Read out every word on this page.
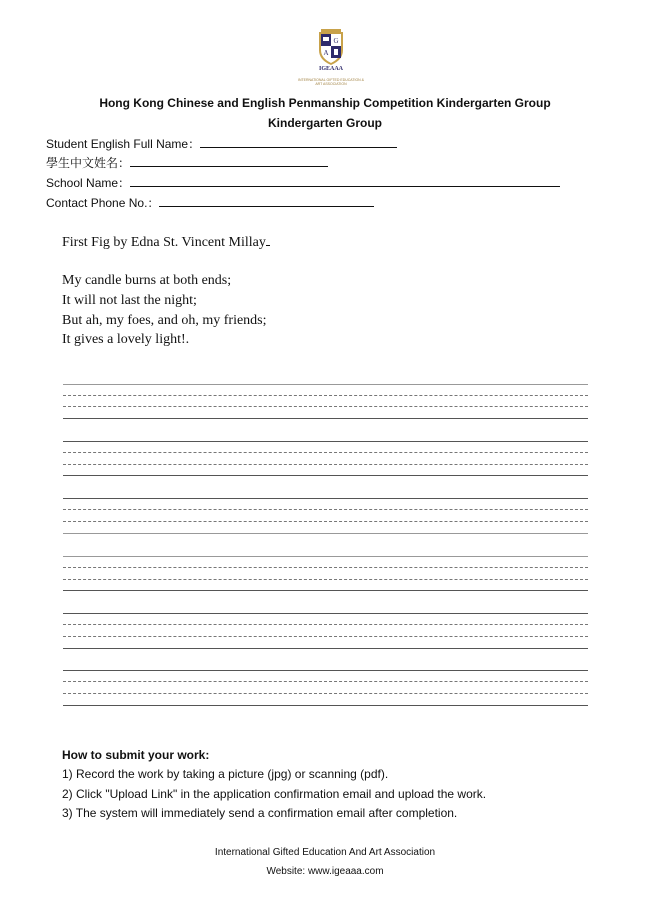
G
A
IGEAAA
INTERNATIONAL GIFTED EDUCATION & ART ASSOCIATION
Hong Kong Chinese and English Penmanship Competition Kindergarten Group
Kindergarten Group
Student English Full Name：
學生中文姓名：
School Name：
Contact Phone No.：
First Fig by Edna St. Vincent Millay
My candle burns at both ends;
It will not last the night;
But ah, my foes, and oh, my friends;
It gives a lovely light!.
How to submit your work:
1) Record the work by taking a picture (jpg) or scanning (pdf).
2) Click "Upload Link" in the application confirmation email and upload the work.
3) The system will immediately send a confirmation email after completion.
International Gifted Education And Art Association
Website: www.igeaaa.com
